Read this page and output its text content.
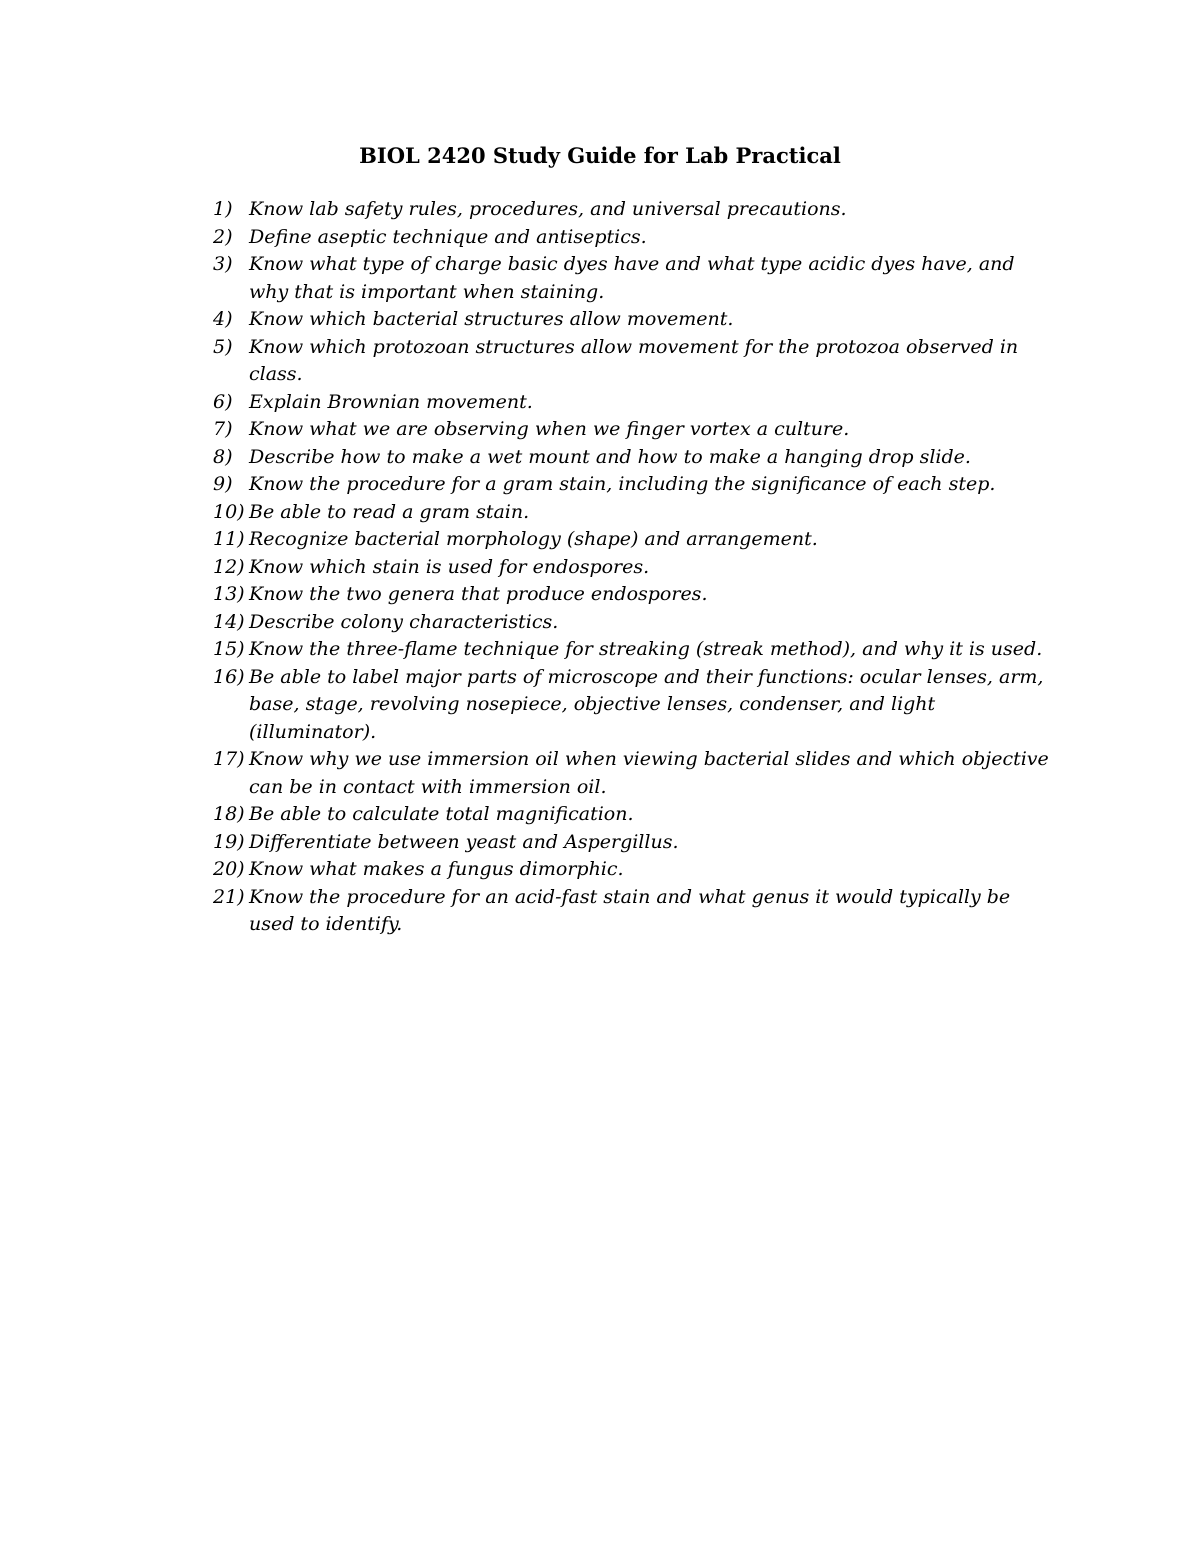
BIOL 2420 Study Guide for Lab Practical
1) Know lab safety rules, procedures, and universal precautions.
2) Define aseptic technique and antiseptics.
3) Know what type of charge basic dyes have and what type acidic dyes have, and why that is important when staining.
4) Know which bacterial structures allow movement.
5) Know which protozoan structures allow movement for the protozoa observed in class.
6) Explain Brownian movement.
7) Know what we are observing when we finger vortex a culture.
8) Describe how to make a wet mount and how to make a hanging drop slide.
9) Know the procedure for a gram stain, including the significance of each step.
10) Be able to read a gram stain.
11) Recognize bacterial morphology (shape) and arrangement.
12) Know which stain is used for endospores.
13) Know the two genera that produce endospores.
14) Describe colony characteristics.
15) Know the three-flame technique for streaking (streak method), and why it is used.
16) Be able to label major parts of microscope and their functions: ocular lenses, arm, base, stage, revolving nosepiece, objective lenses, condenser, and light (illuminator).
17) Know why we use immersion oil when viewing bacterial slides and which objective can be in contact with immersion oil.
18) Be able to calculate total magnification.
19) Differentiate between yeast and Aspergillus.
20) Know what makes a fungus dimorphic.
21) Know the procedure for an acid-fast stain and what genus it would typically be used to identify.
